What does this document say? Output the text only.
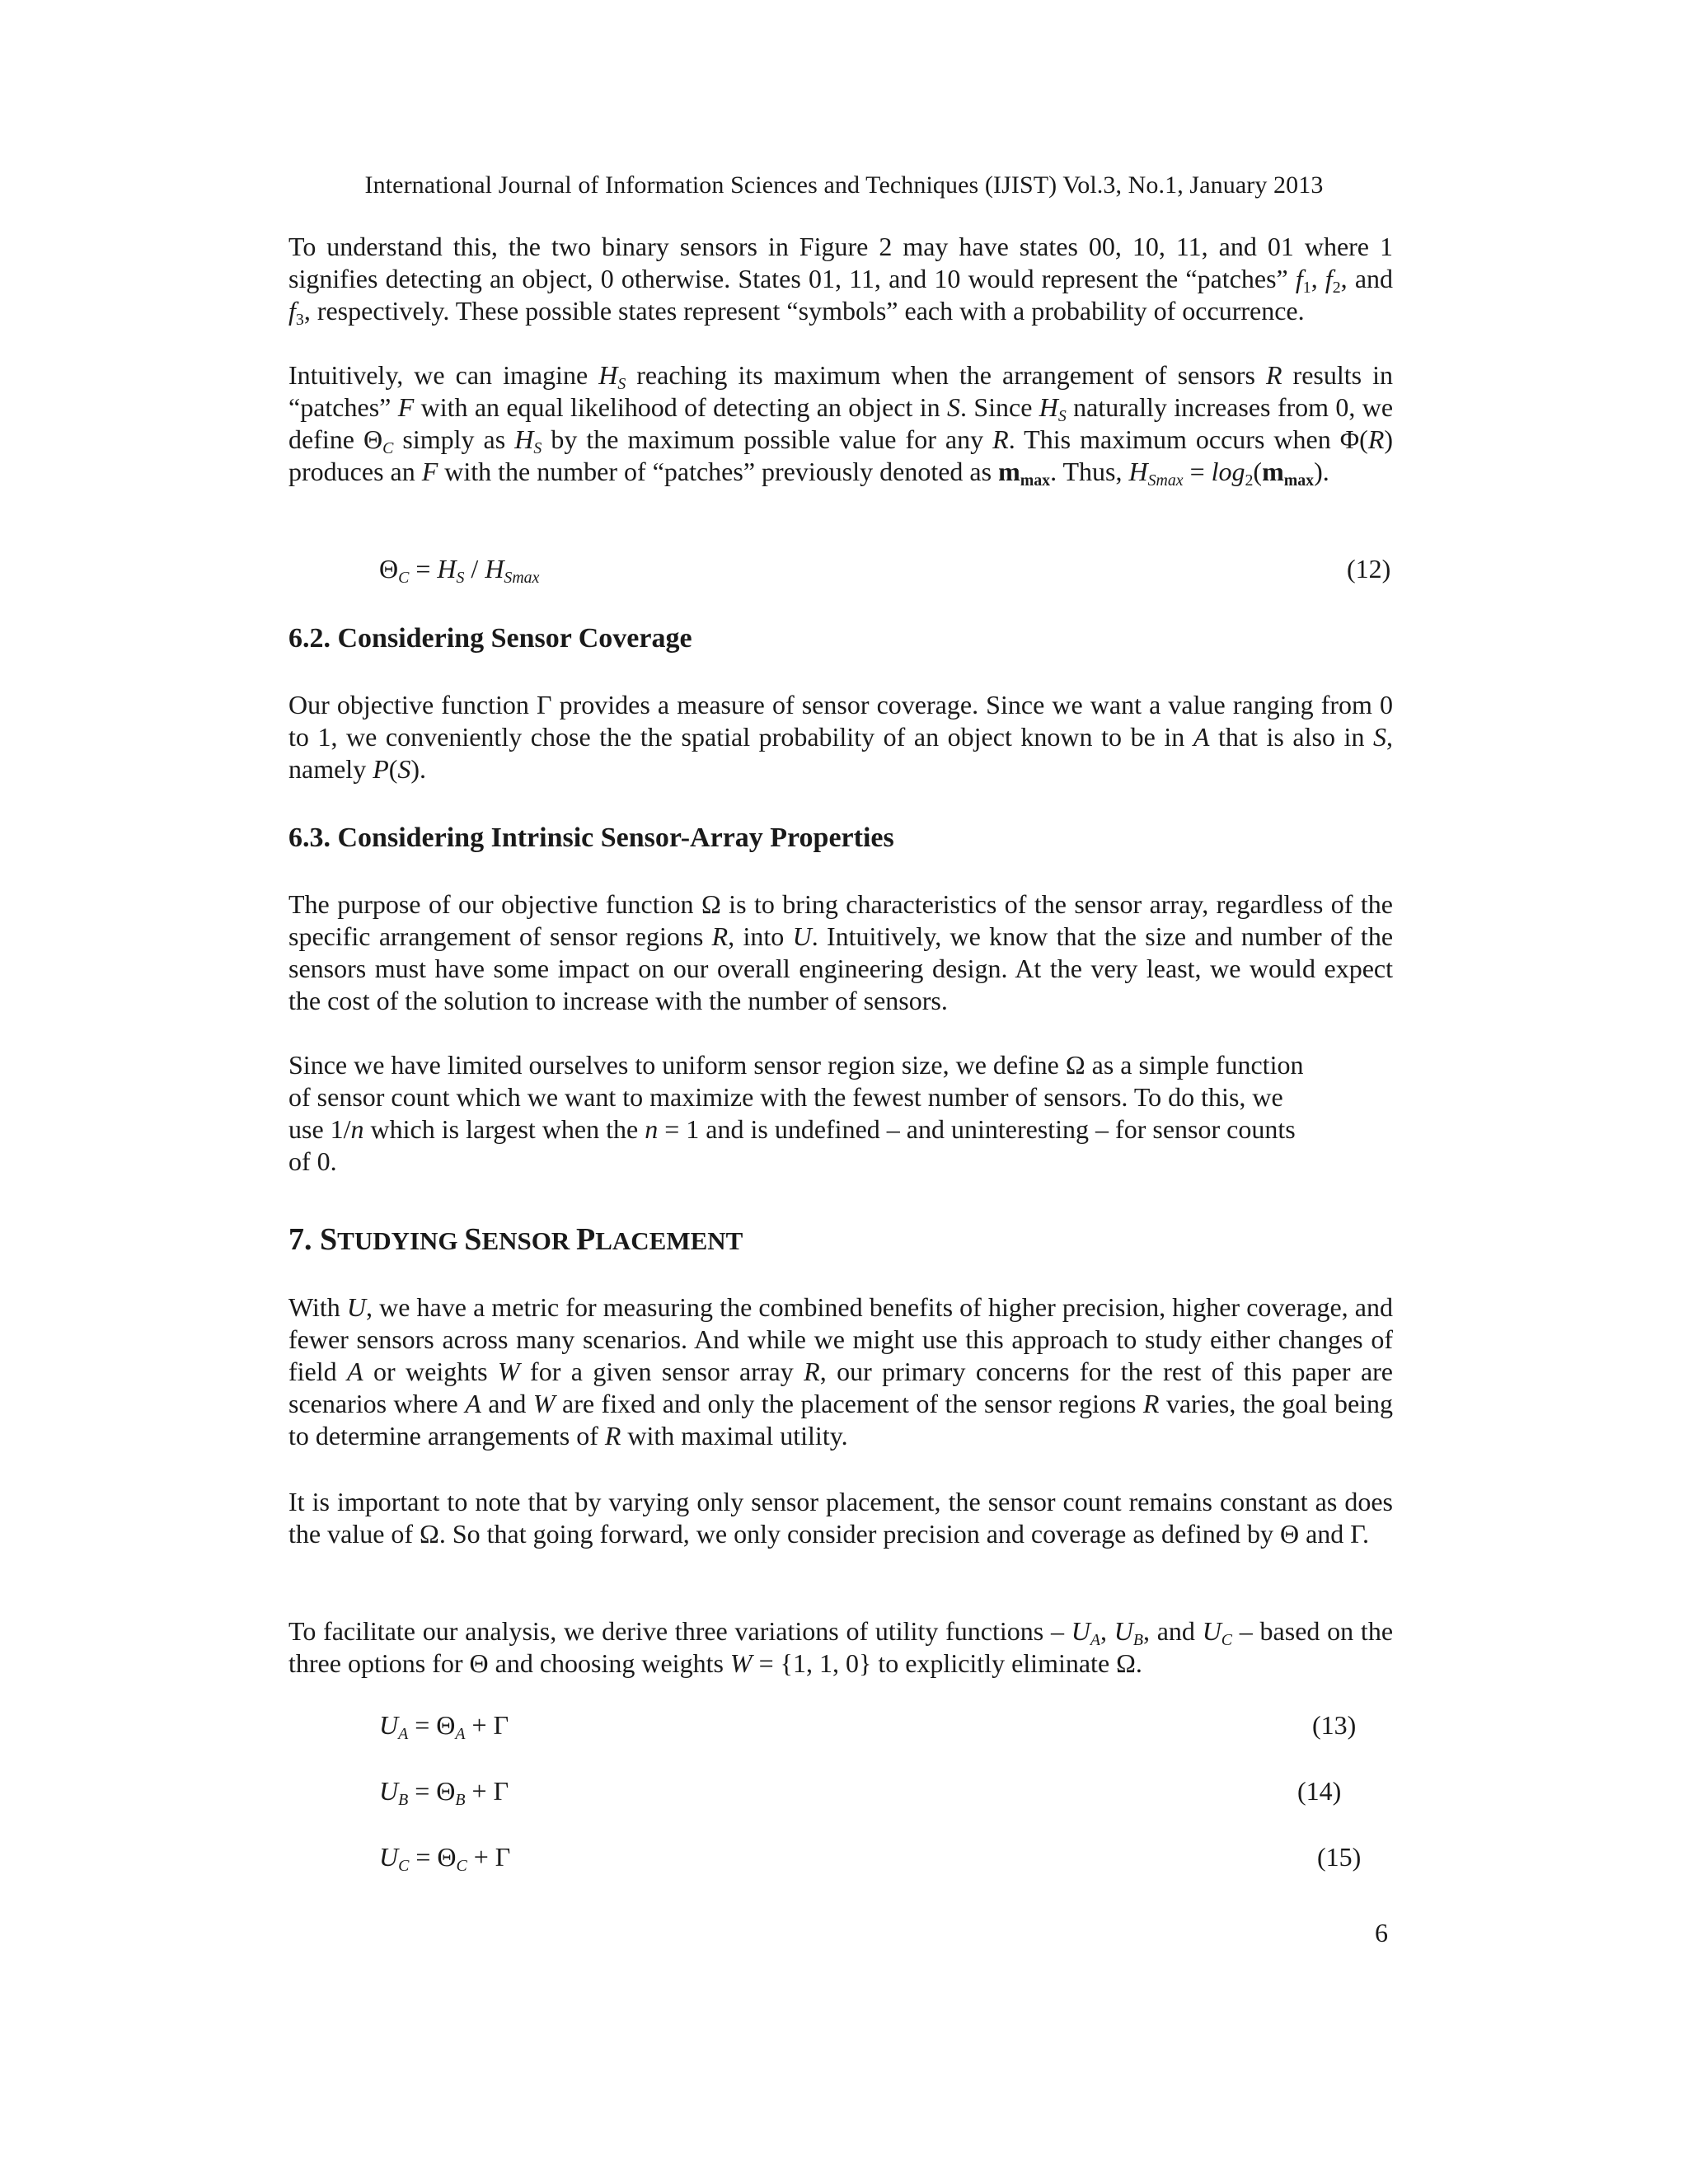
International Journal of Information Sciences and Techniques (IJIST) Vol.3, No.1, January 2013

To understand this, the two binary sensors in Figure 2 may have states 00, 10, 11, and 01 where 1 signifies detecting an object, 0 otherwise. States 01, 11, and 10 would represent the “patches” $f_1$, $f_2$, and $f_3$, respectively. These possible states represent “symbols” each with a probability of occurrence.

Intuitively, we can imagine $H_S$ reaching its maximum when the arrangement of sensors R results in “patches” F with an equal likelihood of detecting an object in S. Since $H_S$ naturally increases from 0, we define $\Theta_C$ simply as $H_S$ by the maximum possible value for any R. This maximum occurs when Φ(R) produces an F with the number of “patches” previously denoted as $m_{max}$. Thus, $H_{Smax} = \log_2(m_{max})$.

$\Theta_C = H_S / H_{Smax}$	(12)
6.2. Considering Sensor Coverage

Our objective function Γ provides a measure of sensor coverage. Since we want a value ranging from 0 to 1, we conveniently chose the the spatial probability of an object known to be in A that is also in S, namely P(S).

6.3. Considering Intrinsic Sensor-Array Properties

The purpose of our objective function Ω is to bring characteristics of the sensor array, regardless of the specific arrangement of sensor regions R, into U. Intuitively, we know that the size and number of the sensors must have some impact on our overall engineering design. At the very least, we would expect the cost of the solution to increase with the number of sensors.

Since we have limited ourselves to uniform sensor region size, we define Ω as a simple function

of sensor count which we want to maximize with the fewest number of sensors. To do this, we

use 1/n which is largest when the n = 1 and is undefined – and uninteresting – for sensor counts

of 0.

7. STUDYING SENSOR PLACEMENT

With U, we have a metric for measuring the combined benefits of higher precision, higher coverage, and fewer sensors across many scenarios. And while we might use this approach to study either changes of field A or weights W for a given sensor array R, our primary concerns for the rest of this paper are scenarios where A and W are fixed and only the placement of the sensor regions R varies, the goal being to determine arrangements of R with maximal utility.

It is important to note that by varying only sensor placement, the sensor count remains constant as does the value of Ω. So that going forward, we only consider precision and coverage as defined by Θ and Γ.

To facilitate our analysis, we derive three variations of utility functions – $U_A$, $U_B$, and $U_C$ – based on the three options for Θ and choosing weights W = {1, 1, 0} to explicitly eliminate Ω.

$U_A = \Theta_A + \Gamma$	(13)
$U_B = \Theta_B + \Gamma$	(14)
$U_C = \Theta_C + \Gamma$	(15)
6
